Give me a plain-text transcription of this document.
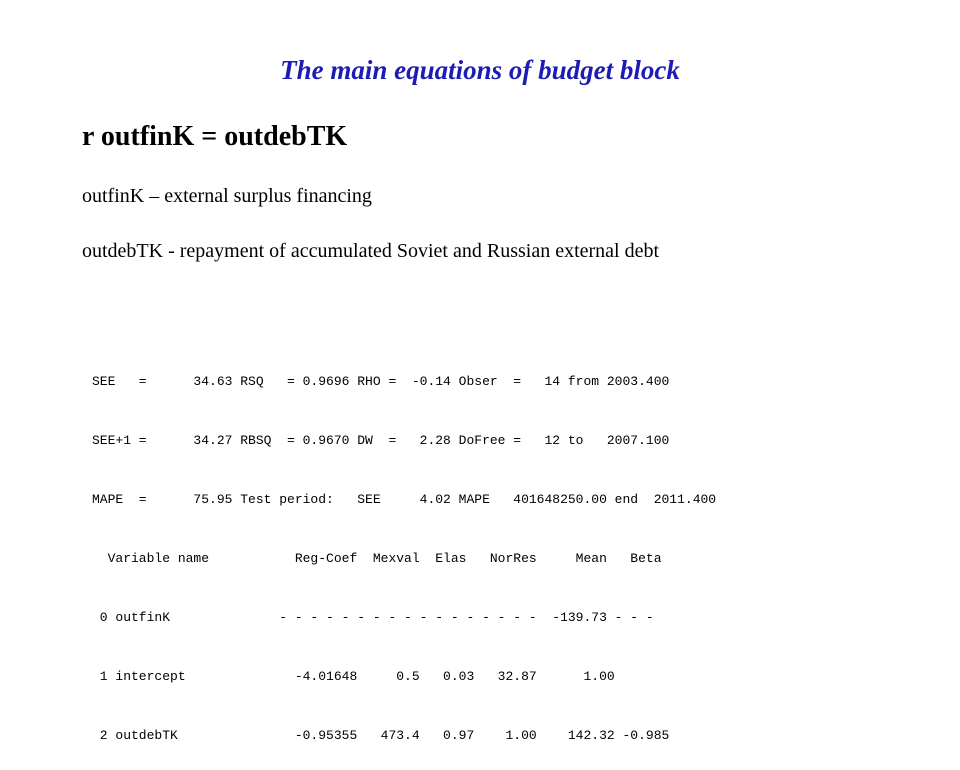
The main equations of budget block
r outfinK = outdebTK
outfinK – external surplus financing
outdebTK - repayment of accumulated Soviet and Russian external debt

SEE   =      34.63 RSQ   = 0.9696 RHO =  -0.14 Obser  =   14 from 2003.400

SEE+1 =      34.27 RBSQ  = 0.9670 DW  =   2.28 DoFree =   12 to   2007.100

MAPE  =      75.95 Test period:   SEE     4.02 MAPE   401648250.00 end  2011.400

Variable name           Reg-Coef  Mexval  Elas   NorRes     Mean   Beta

0 outfinK              - - - - - - - - - - - - - - - - -  -139.73 - - -

1 intercept              -4.01648     0.5   0.03   32.87      1.00

2 outdebTK               -0.95355   473.4   0.97    1.00    142.32 -0.985
